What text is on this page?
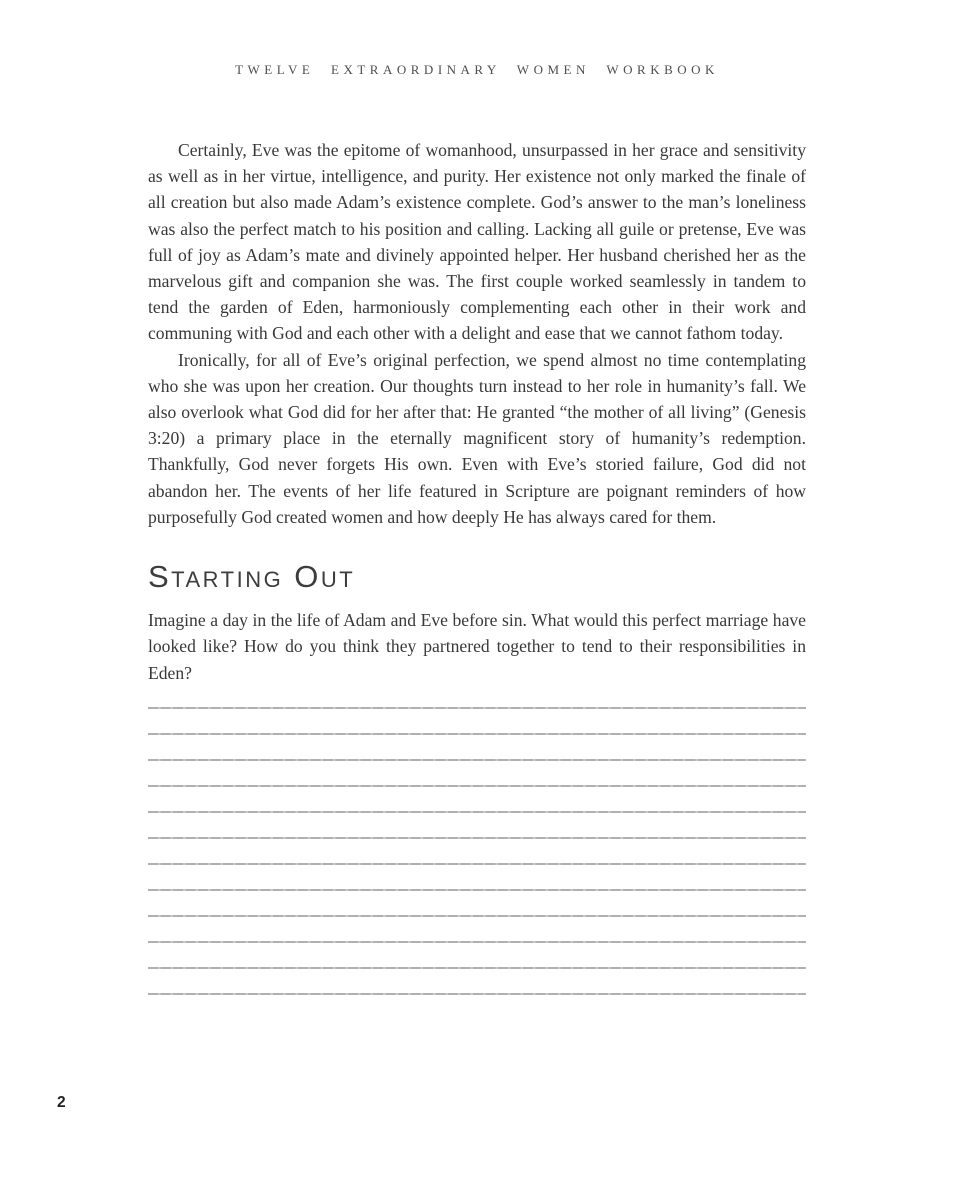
TWELVE EXTRAORDINARY WOMEN WORKBOOK

Certainly, Eve was the epitome of womanhood, unsurpassed in her grace and sensitivity as well as in her virtue, intelligence, and purity. Her existence not only marked the finale of all creation but also made Adam’s existence complete. God’s answer to the man’s loneliness was also the perfect match to his position and calling. Lacking all guile or pretense, Eve was full of joy as Adam’s mate and divinely appointed helper. Her husband cherished her as the marvelous gift and companion she was. The first couple worked seamlessly in tandem to tend the garden of Eden, harmoniously complementing each other in their work and communing with God and each other with a delight and ease that we cannot fathom today.

Ironically, for all of Eve’s original perfection, we spend almost no time contemplating who she was upon her creation. Our thoughts turn instead to her role in humanity’s fall. We also overlook what God did for her after that: He granted “the mother of all living” (Genesis 3:20) a primary place in the eternally magnificent story of humanity’s redemption. Thankfully, God never forgets His own. Even with Eve’s storied failure, God did not abandon her. The events of her life featured in Scripture are poignant reminders of how purposefully God created women and how deeply He has always cared for them.

Starting Out

Imagine a day in the life of Adam and Eve before sin. What would this perfect marriage have looked like? How do you think they partnered together to tend to their responsibilities in Eden?

2
